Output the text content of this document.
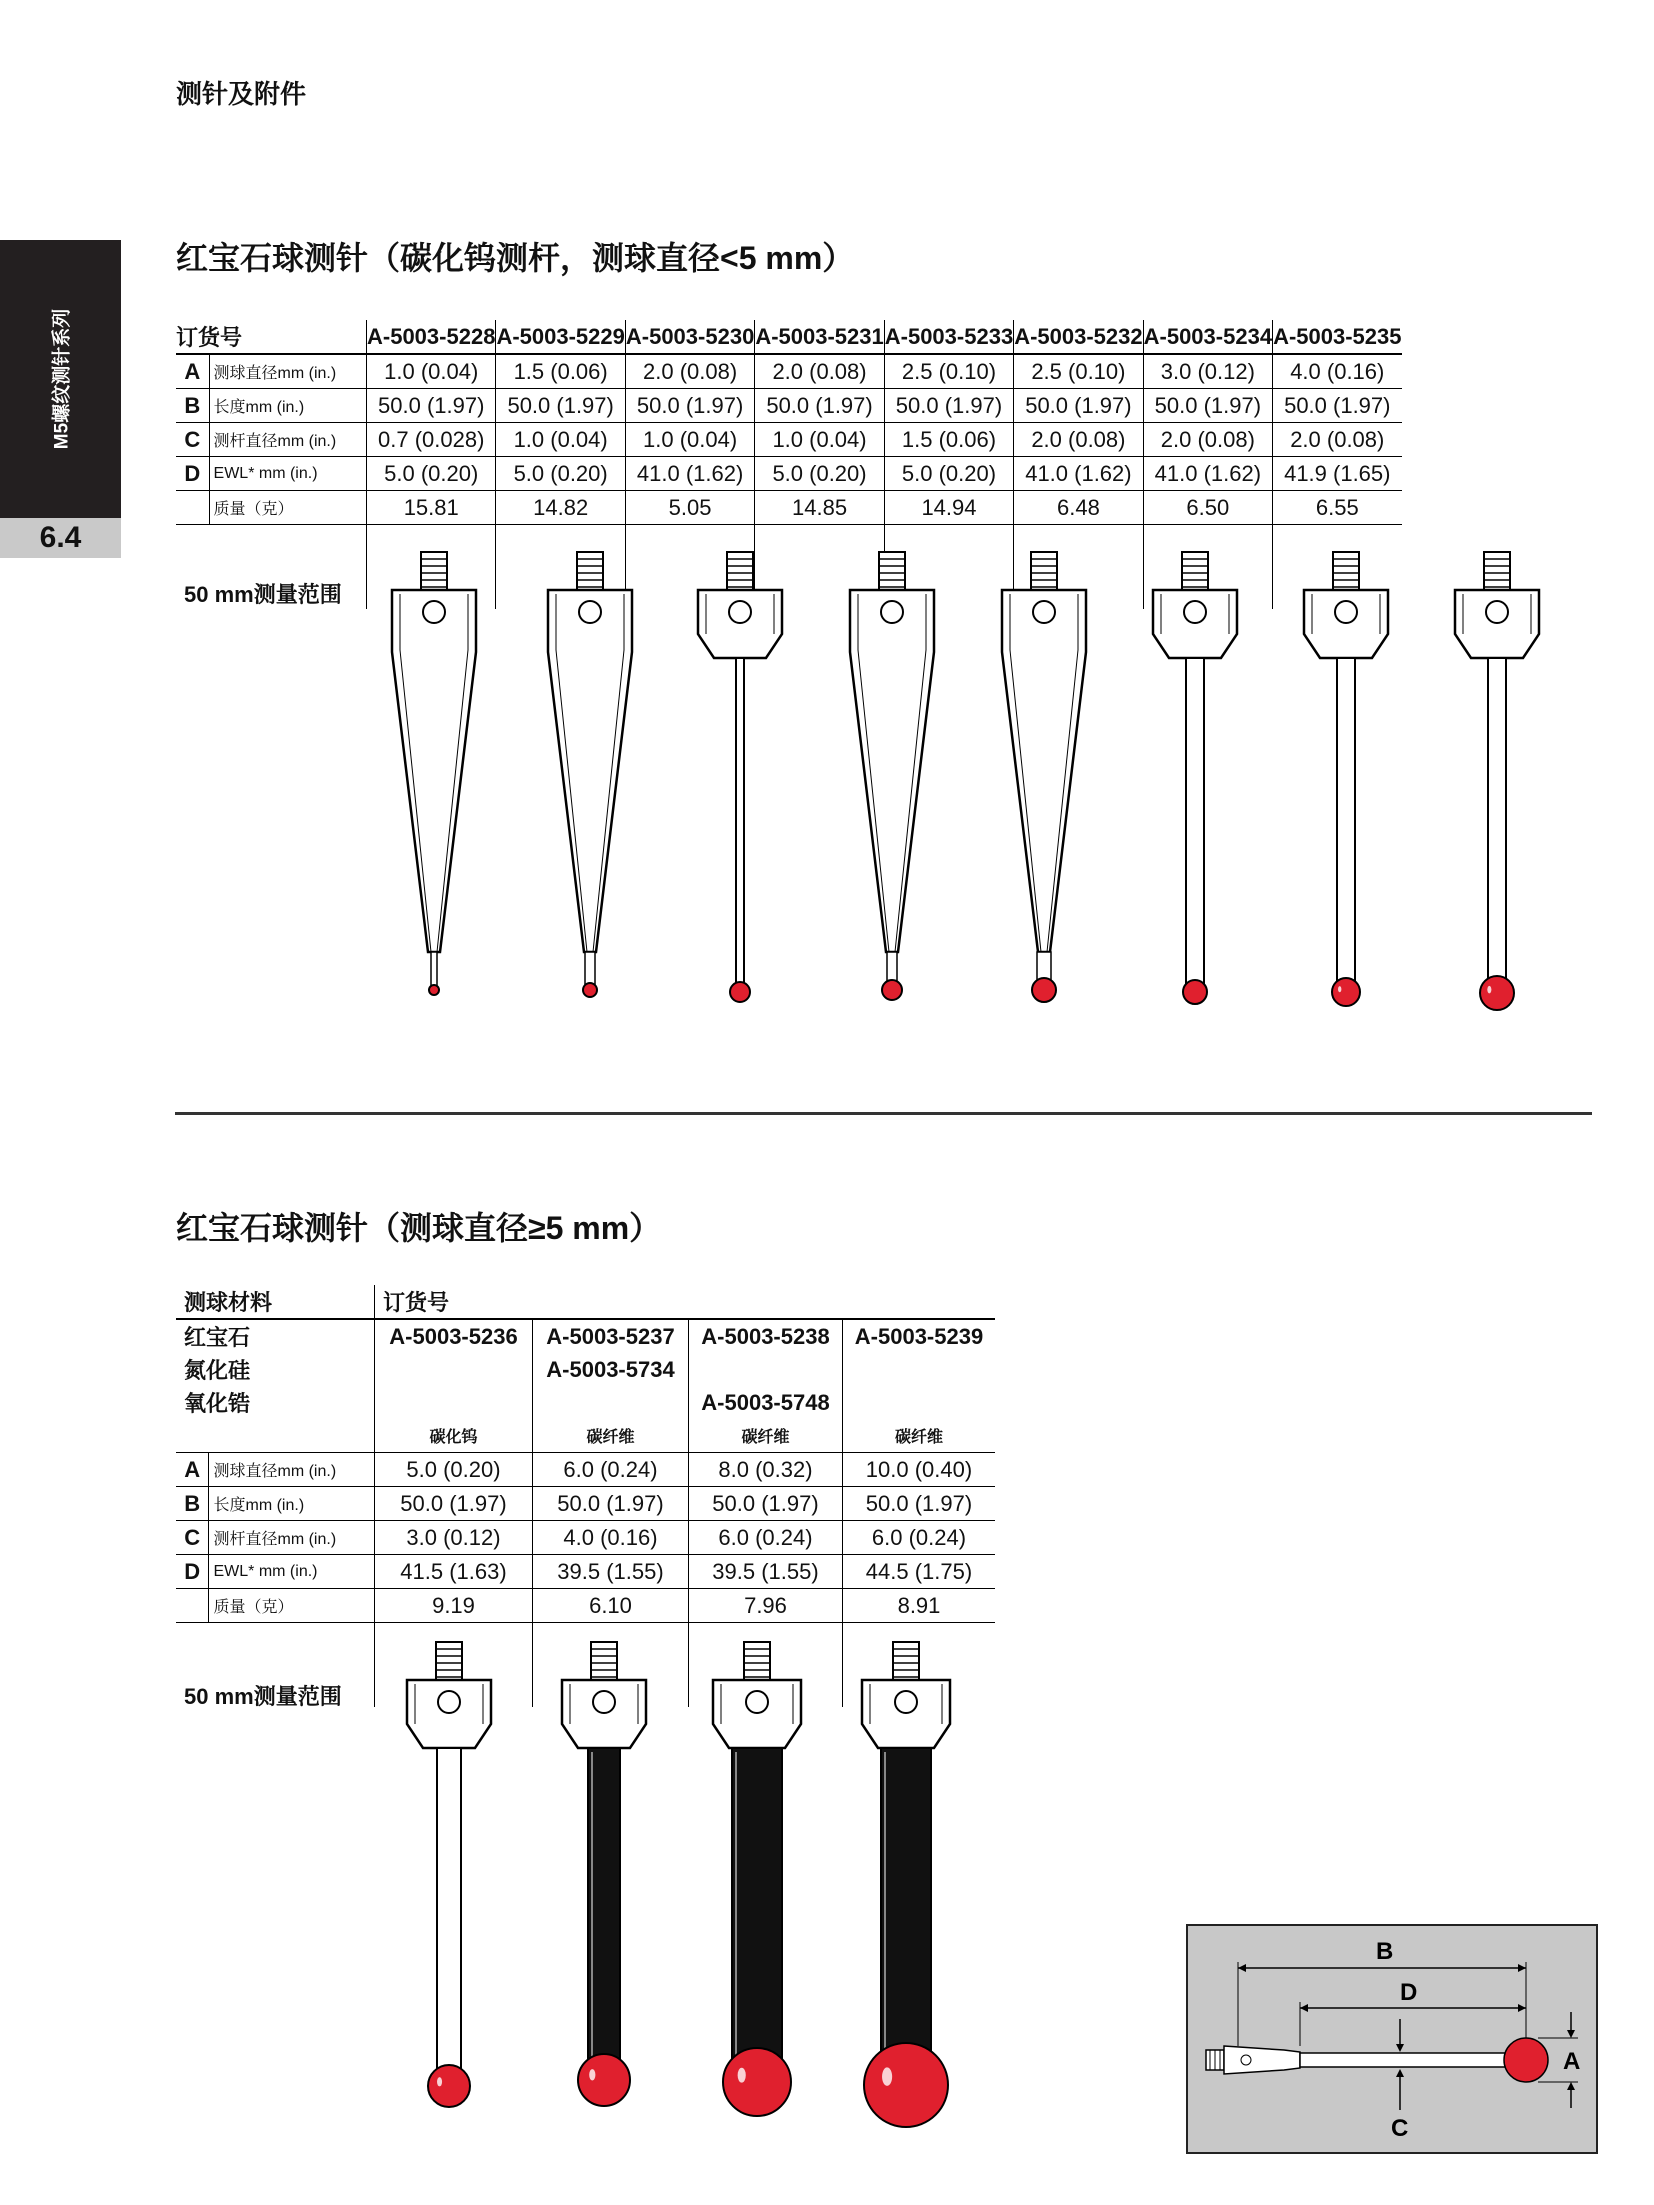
测针及附件
M5螺纹测针系列
6.4
红宝石球测针（碳化钨测杆，测球直径<5 mm）
订货号		A-5003-5228	A-5003-5229	A-5003-5230	A-5003-5231	A-5003-5233	A-5003-5232	A-5003-5234	A-5003-5235
A	测球直径mm (in.)	1.0 (0.04)	1.5 (0.06)	2.0 (0.08)	2.0 (0.08)	2.5 (0.10)	2.5 (0.10)	3.0 (0.12)	4.0 (0.16)
B	长度mm (in.)	50.0 (1.97)	50.0 (1.97)	50.0 (1.97)	50.0 (1.97)	50.0 (1.97)	50.0 (1.97)	50.0 (1.97)	50.0 (1.97)
C	测杆直径mm (in.)	0.7 (0.028)	1.0 (0.04)	1.0 (0.04)	1.0 (0.04)	1.5 (0.06)	2.0 (0.08)	2.0 (0.08)	2.0 (0.08)
D	EWL* mm (in.)	5.0 (0.20)	5.0 (0.20)	41.0 (1.62)	5.0 (0.20)	5.0 (0.20)	41.0 (1.62)	41.0 (1.62)	41.9 (1.65)
	质量（克）	15.81	14.82	5.05	14.85	14.94	6.48	6.50	6.55

50 mm测量范围
红宝石球测针（测球直径≥5 mm）
测球材料		订货号			
红宝石		A-5003-5236	A-5003-5237	A-5003-5238	A-5003-5239
氮化硅			A-5003-5734		
氧化锆				A-5003-5748	
		碳化钨	碳纤维	碳纤维	碳纤维
A	测球直径mm (in.)	5.0 (0.20)	6.0 (0.24)	8.0 (0.32)	10.0 (0.40)
B	长度mm (in.)	50.0 (1.97)	50.0 (1.97)	50.0 (1.97)	50.0 (1.97)
C	测杆直径mm (in.)	3.0 (0.12)	4.0 (0.16)	6.0 (0.24)	6.0 (0.24)
D	EWL* mm (in.)	41.5 (1.63)	39.5 (1.55)	39.5 (1.55)	44.5 (1.75)
	质量（克）	9.19	6.10	7.96	8.91

50 mm测量范围
B
D
C
A
